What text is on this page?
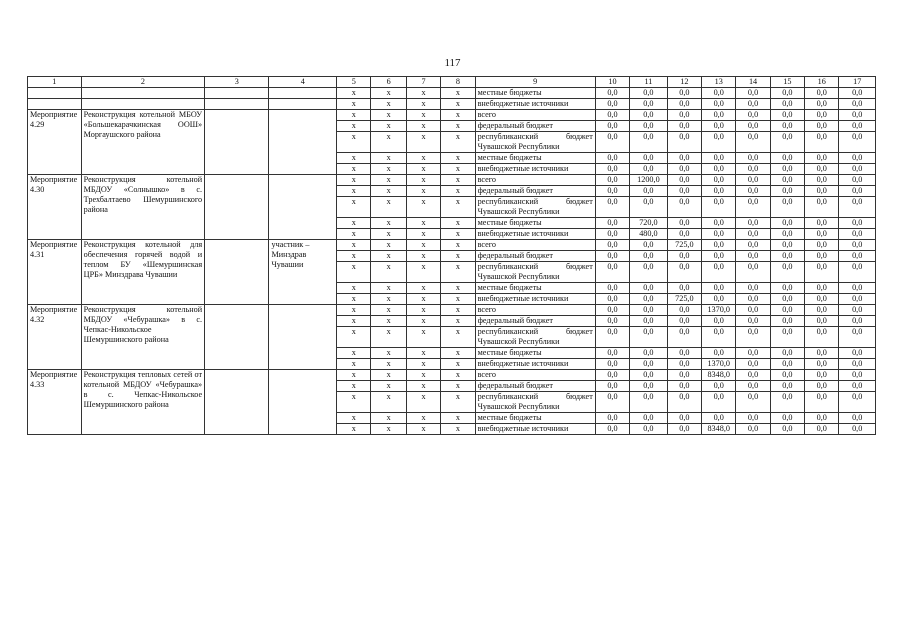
117
1	2	3	4	5	6	7	8	9	10	11	12	13	14	15	16	17
				х	х	х	х	местные бюджеты	0,0	0,0	0,0	0,0	0,0	0,0	0,0	0,0
				х	х	х	х	внебюджетные источники	0,0	0,0	0,0	0,0	0,0	0,0	0,0	0,0
Мероприятие 4.29	Реконструкция котельной МБОУ «Большекарачкинская ООШ» Моргаушского района			х	х	х	х	всего	0,0	0,0	0,0	0,0	0,0	0,0	0,0	0,0
				х	х	х	х	федеральный бюджет	0,0	0,0	0,0	0,0	0,0	0,0	0,0	0,0
				х	х	х	х	республиканский бюджет Чувашской Республики	0,0	0,0	0,0	0,0	0,0	0,0	0,0	0,0
				х	х	х	х	местные бюджеты	0,0	0,0	0,0	0,0	0,0	0,0	0,0	0,0
				х	х	х	х	внебюджетные источники	0,0	0,0	0,0	0,0	0,0	0,0	0,0	0,0
Мероприятие 4.30	Реконструкция котельной МБДОУ «Солнышко» в с. Трехбалтаево Шемуршинского района			х	х	х	х	всего	0,0	1200,0	0,0	0,0	0,0	0,0	0,0	0,0
				х	х	х	х	федеральный бюджет	0,0	0,0	0,0	0,0	0,0	0,0	0,0	0,0
				х	х	х	х	республиканский бюджет Чувашской Республики	0,0	0,0	0,0	0,0	0,0	0,0	0,0	0,0
				х	х	х	х	местные бюджеты	0,0	720,0	0,0	0,0	0,0	0,0	0,0	0,0
				х	х	х	х	внебюджетные источники	0,0	480,0	0,0	0,0	0,0	0,0	0,0	0,0
Мероприятие 4.31	Реконструкция котельной для обеспечения горячей водой и теплом БУ «Шемуршинская ЦРБ» Минздрава Чувашии		участник – Минздрав Чувашии	х	х	х	х	всего	0,0	0,0	725,0	0,0	0,0	0,0	0,0	0,0
				х	х	х	х	федеральный бюджет	0,0	0,0	0,0	0,0	0,0	0,0	0,0	0,0
				х	х	х	х	республиканский бюджет Чувашской Республики	0,0	0,0	0,0	0,0	0,0	0,0	0,0	0,0
				х	х	х	х	местные бюджеты	0,0	0,0	0,0	0,0	0,0	0,0	0,0	0,0
				х	х	х	х	внебюджетные источники	0,0	0,0	725,0	0,0	0,0	0,0	0,0	0,0
Мероприятие 4.32	Реконструкция котельной МБДОУ «Чебурашка» в с. Чепкас-Никольское Шемуршинского района			х	х	х	х	всего	0,0	0,0	0,0	1370,0	0,0	0,0	0,0	0,0
				х	х	х	х	федеральный бюджет	0,0	0,0	0,0	0,0	0,0	0,0	0,0	0,0
				х	х	х	х	республиканский бюджет Чувашской Республики	0,0	0,0	0,0	0,0	0,0	0,0	0,0	0,0
				х	х	х	х	местные бюджеты	0,0	0,0	0,0	0,0	0,0	0,0	0,0	0,0
				х	х	х	х	внебюджетные источники	0,0	0,0	0,0	1370,0	0,0	0,0	0,0	0,0
Мероприятие 4.33	Реконструкция тепловых сетей от котельной МБДОУ «Чебурашка» в с. Чепкас-Никольское Шемуршинского района			х	х	х	х	всего	0,0	0,0	0,0	8348,0	0,0	0,0	0,0	0,0
				х	х	х	х	федеральный бюджет	0,0	0,0	0,0	0,0	0,0	0,0	0,0	0,0
				х	х	х	х	республиканский бюджет Чувашской Республики	0,0	0,0	0,0	0,0	0,0	0,0	0,0	0,0
				х	х	х	х	местные бюджеты	0,0	0,0	0,0	0,0	0,0	0,0	0,0	0,0
				х	х	х	х	внебюджетные источники	0,0	0,0	0,0	8348,0	0,0	0,0	0,0	0,0
